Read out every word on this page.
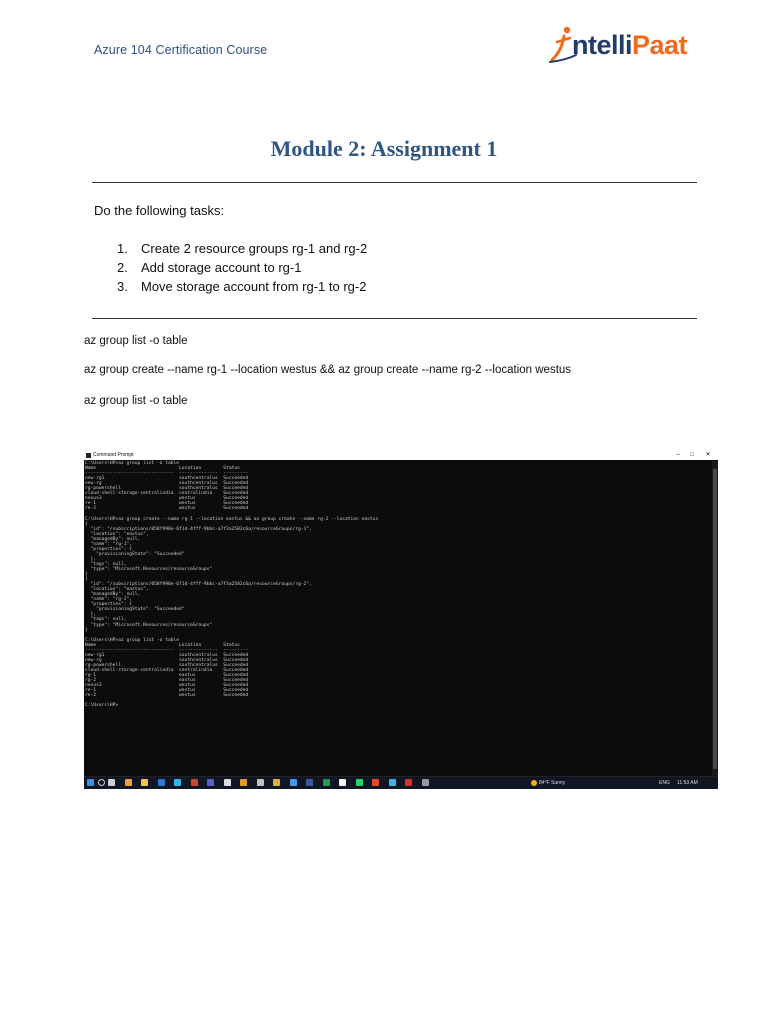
Azure 104 Certification Course	ntelliPaat
Module 2: Assignment 1
Do the following tasks:
1. Create 2 resource groups rg-1 and rg-2
2. Add storage account to rg-1
3. Move storage account from rg-1 to rg-2
az group list -o table
az group create --name rg-1 --location westus && az group create --name rg-2 --location westus
az group list -o table
Command Prompt	–	□	✕
C:\Users\HP>az group list -o table
Name                              Location        Status
--------------------------------  --------------  ---------
new-rg1                           southcentralus  Succeeded
new-rg                            southcentralus  Succeeded
rg-powershell                     southcentralus  Succeeded
cloud-shell-storage-centralindia  centralindia    Succeeded
nexus3                            westus          Succeeded
re-1                              westus          Succeeded
re-2                              westus          Succeeded

C:\Users\HP>az group create --name rg-1 --location eastus && az group create --name rg-2 --location eastus
{
"id": "/subscriptions/058f990e-6f1d-4fff-9bbc-a7f3a2582c6a/resourceGroups/rg-1",
"location": "eastus",
"managedBy": null,
"name": "rg-1",
"properties": {
"provisioningState": "Succeeded"
},
"tags": null,
"type": "Microsoft.Resources/resourceGroups"
}
{
"id": "/subscriptions/058f990e-6f1d-4fff-9bbc-a7f3a2582c6a/resourceGroups/rg-2",
"location": "eastus",
"managedBy": null,
"name": "rg-2",
"properties": {
"provisioningState": "Succeeded"
},
"tags": null,
"type": "Microsoft.Resources/resourceGroups"
}

C:\Users\HP>az group list -o table
Name                              Location        Status
--------------------------------  --------------  ---------
new-rg1                           southcentralus  Succeeded
new-rg                            southcentralus  Succeeded
rg-powershell                     southcentralus  Succeeded
cloud-shell-storage-centralindia  centralindia    Succeeded
rg-1                              eastus          Succeeded
rg-2                              eastus          Succeeded
nexus3                            westus          Succeeded
re-1                              westus          Succeeded
re-2                              westus          Succeeded

C:\Users\HP>
84°F Sunny	ENG 11:53 AM
